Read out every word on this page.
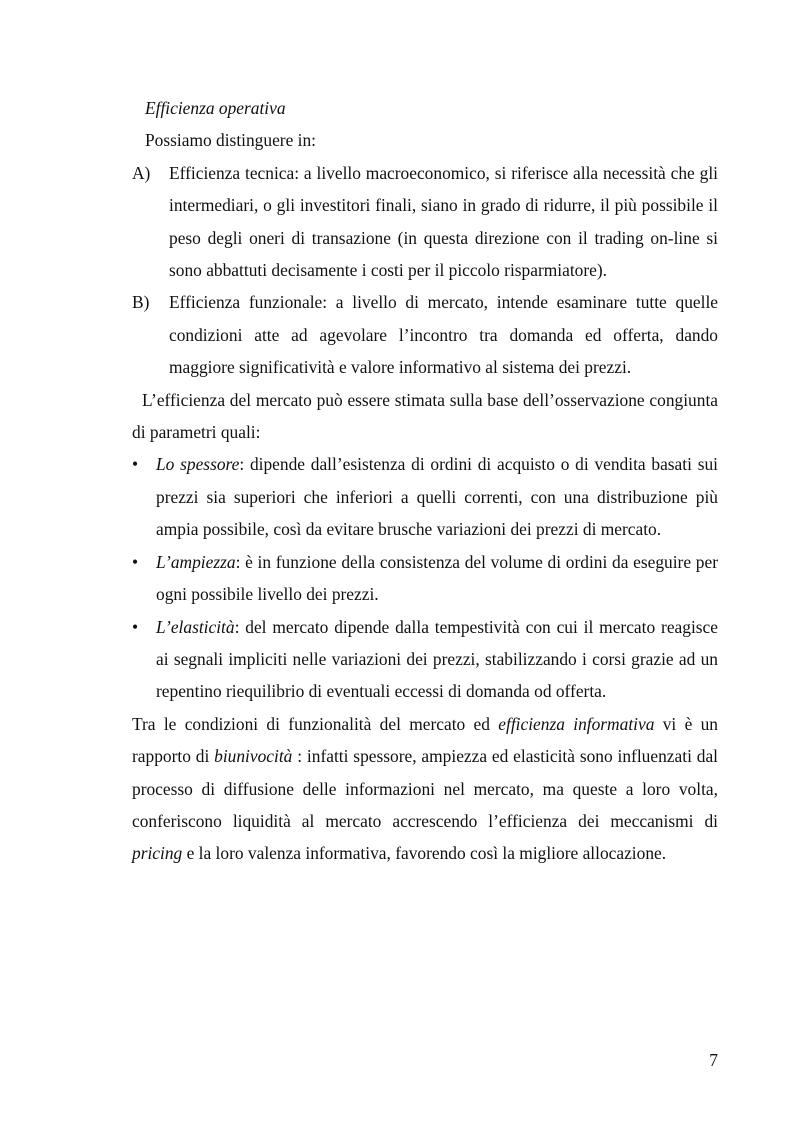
Efficienza operativa

Possiamo distinguere in:

A) Efficienza tecnica: a livello macroeconomico, si riferisce alla necessità che gli intermediari, o gli investitori finali, siano in grado di ridurre, il più possibile il peso degli oneri di transazione (in questa direzione con il trading on-line si sono abbattuti decisamente i costi per il piccolo risparmiatore).

B) Efficienza funzionale: a livello di mercato, intende esaminare tutte quelle condizioni atte ad agevolare l’incontro tra domanda ed offerta, dando maggiore significatività e valore informativo al sistema dei prezzi.

L’efficienza del mercato può essere stimata sulla base dell’osservazione congiunta di parametri quali:

• Lo spessore: dipende dall’esistenza di ordini di acquisto o di vendita basati sui prezzi sia superiori che inferiori a quelli correnti, con una distribuzione più ampia possibile, così da evitare brusche variazioni dei prezzi di mercato.

• L’ampiezza: è in funzione della consistenza del volume di ordini da eseguire per ogni possibile livello dei prezzi.

• L’elasticità: del mercato dipende dalla tempestività con cui il mercato reagisce ai segnali impliciti nelle variazioni dei prezzi, stabilizzando i corsi grazie ad un repentino riequilibrio di eventuali eccessi di domanda od offerta.

Tra le condizioni di funzionalità del mercato ed efficienza informativa vi è un rapporto di biunivocità : infatti spessore, ampiezza ed elasticità sono influenzati dal processo di diffusione delle informazioni nel mercato, ma queste a loro volta, conferiscono liquidità al mercato accrescendo l’efficienza dei meccanismi di pricing e la loro valenza informativa, favorendo così la migliore allocazione.

7
